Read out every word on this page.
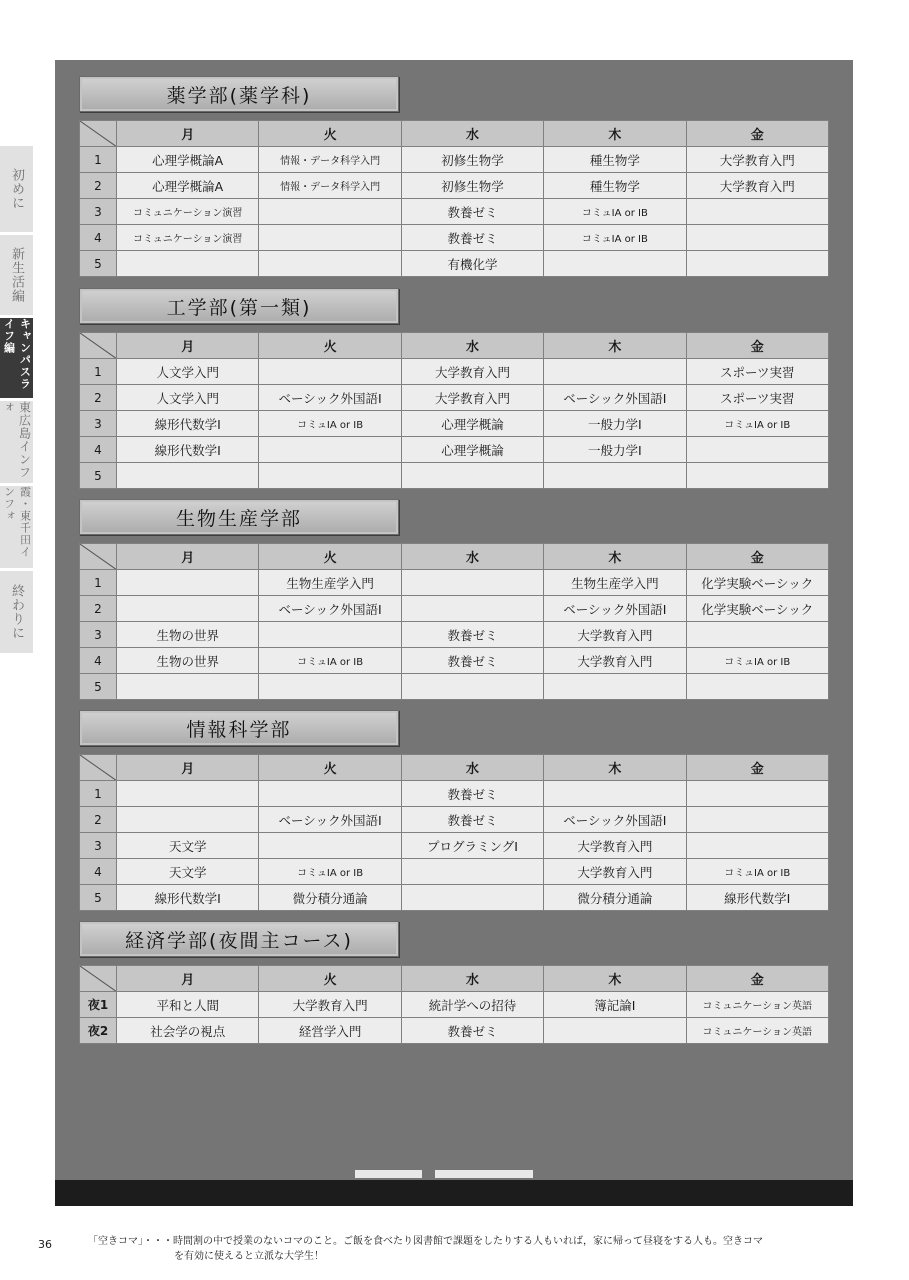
初めに
新生活編
キャンパスライフ編
東広島インフォ
霞・東千田インフォ
終わりに
薬学部(薬学科)
	月	火	水	木	金
1	心理学概論A	情報・データ科学入門	初修生物学	種生物学	大学教育入門
2	心理学概論A	情報・データ科学入門	初修生物学	種生物学	大学教育入門
3	コミュニケーション演習		教養ゼミ	コミュⅠA or ⅠB	
4	コミュニケーション演習		教養ゼミ	コミュⅠA or ⅠB	
5			有機化学		
工学部(第一類)
	月	火	水	木	金
1	人文学入門		大学教育入門		スポーツ実習
2	人文学入門	ベーシック外国語Ⅰ	大学教育入門	ベーシック外国語Ⅰ	スポーツ実習
3	線形代数学Ⅰ	コミュⅠA or ⅠB	心理学概論	一般力学Ⅰ	コミュⅠA or ⅠB
4	線形代数学Ⅰ		心理学概論	一般力学Ⅰ	
5					
生物生産学部
	月	火	水	木	金
1		生物生産学入門		生物生産学入門	化学実験ベーシック
2		ベーシック外国語Ⅰ		ベーシック外国語Ⅰ	化学実験ベーシック
3	生物の世界		教養ゼミ	大学教育入門	
4	生物の世界	コミュⅠA or ⅠB	教養ゼミ	大学教育入門	コミュⅠA or ⅠB
5					
情報科学部
	月	火	水	木	金
1			教養ゼミ		
2		ベーシック外国語Ⅰ	教養ゼミ	ベーシック外国語Ⅰ	
3	天文学		プログラミングⅠ	大学教育入門	
4	天文学	コミュⅠA or ⅠB		大学教育入門	コミュⅠA or ⅠB
5	線形代数学Ⅰ	微分積分通論		微分積分通論	線形代数学Ⅰ
経済学部(夜間主コース)
	月	火	水	木	金
夜1	平和と人間	大学教育入門	統計学への招待	簿記論Ⅰ	コミュニケーション英語
夜2	社会学の視点	経営学入門	教養ゼミ		コミュニケーション英語
36	「空きコマ」・・・時間割の中で授業のないコマのこと。ご飯を食べたり図書館で課題をしたりする人もいれば，家に帰って昼寝をする人も。空きコマ
を有効に使えると立派な大学生！
